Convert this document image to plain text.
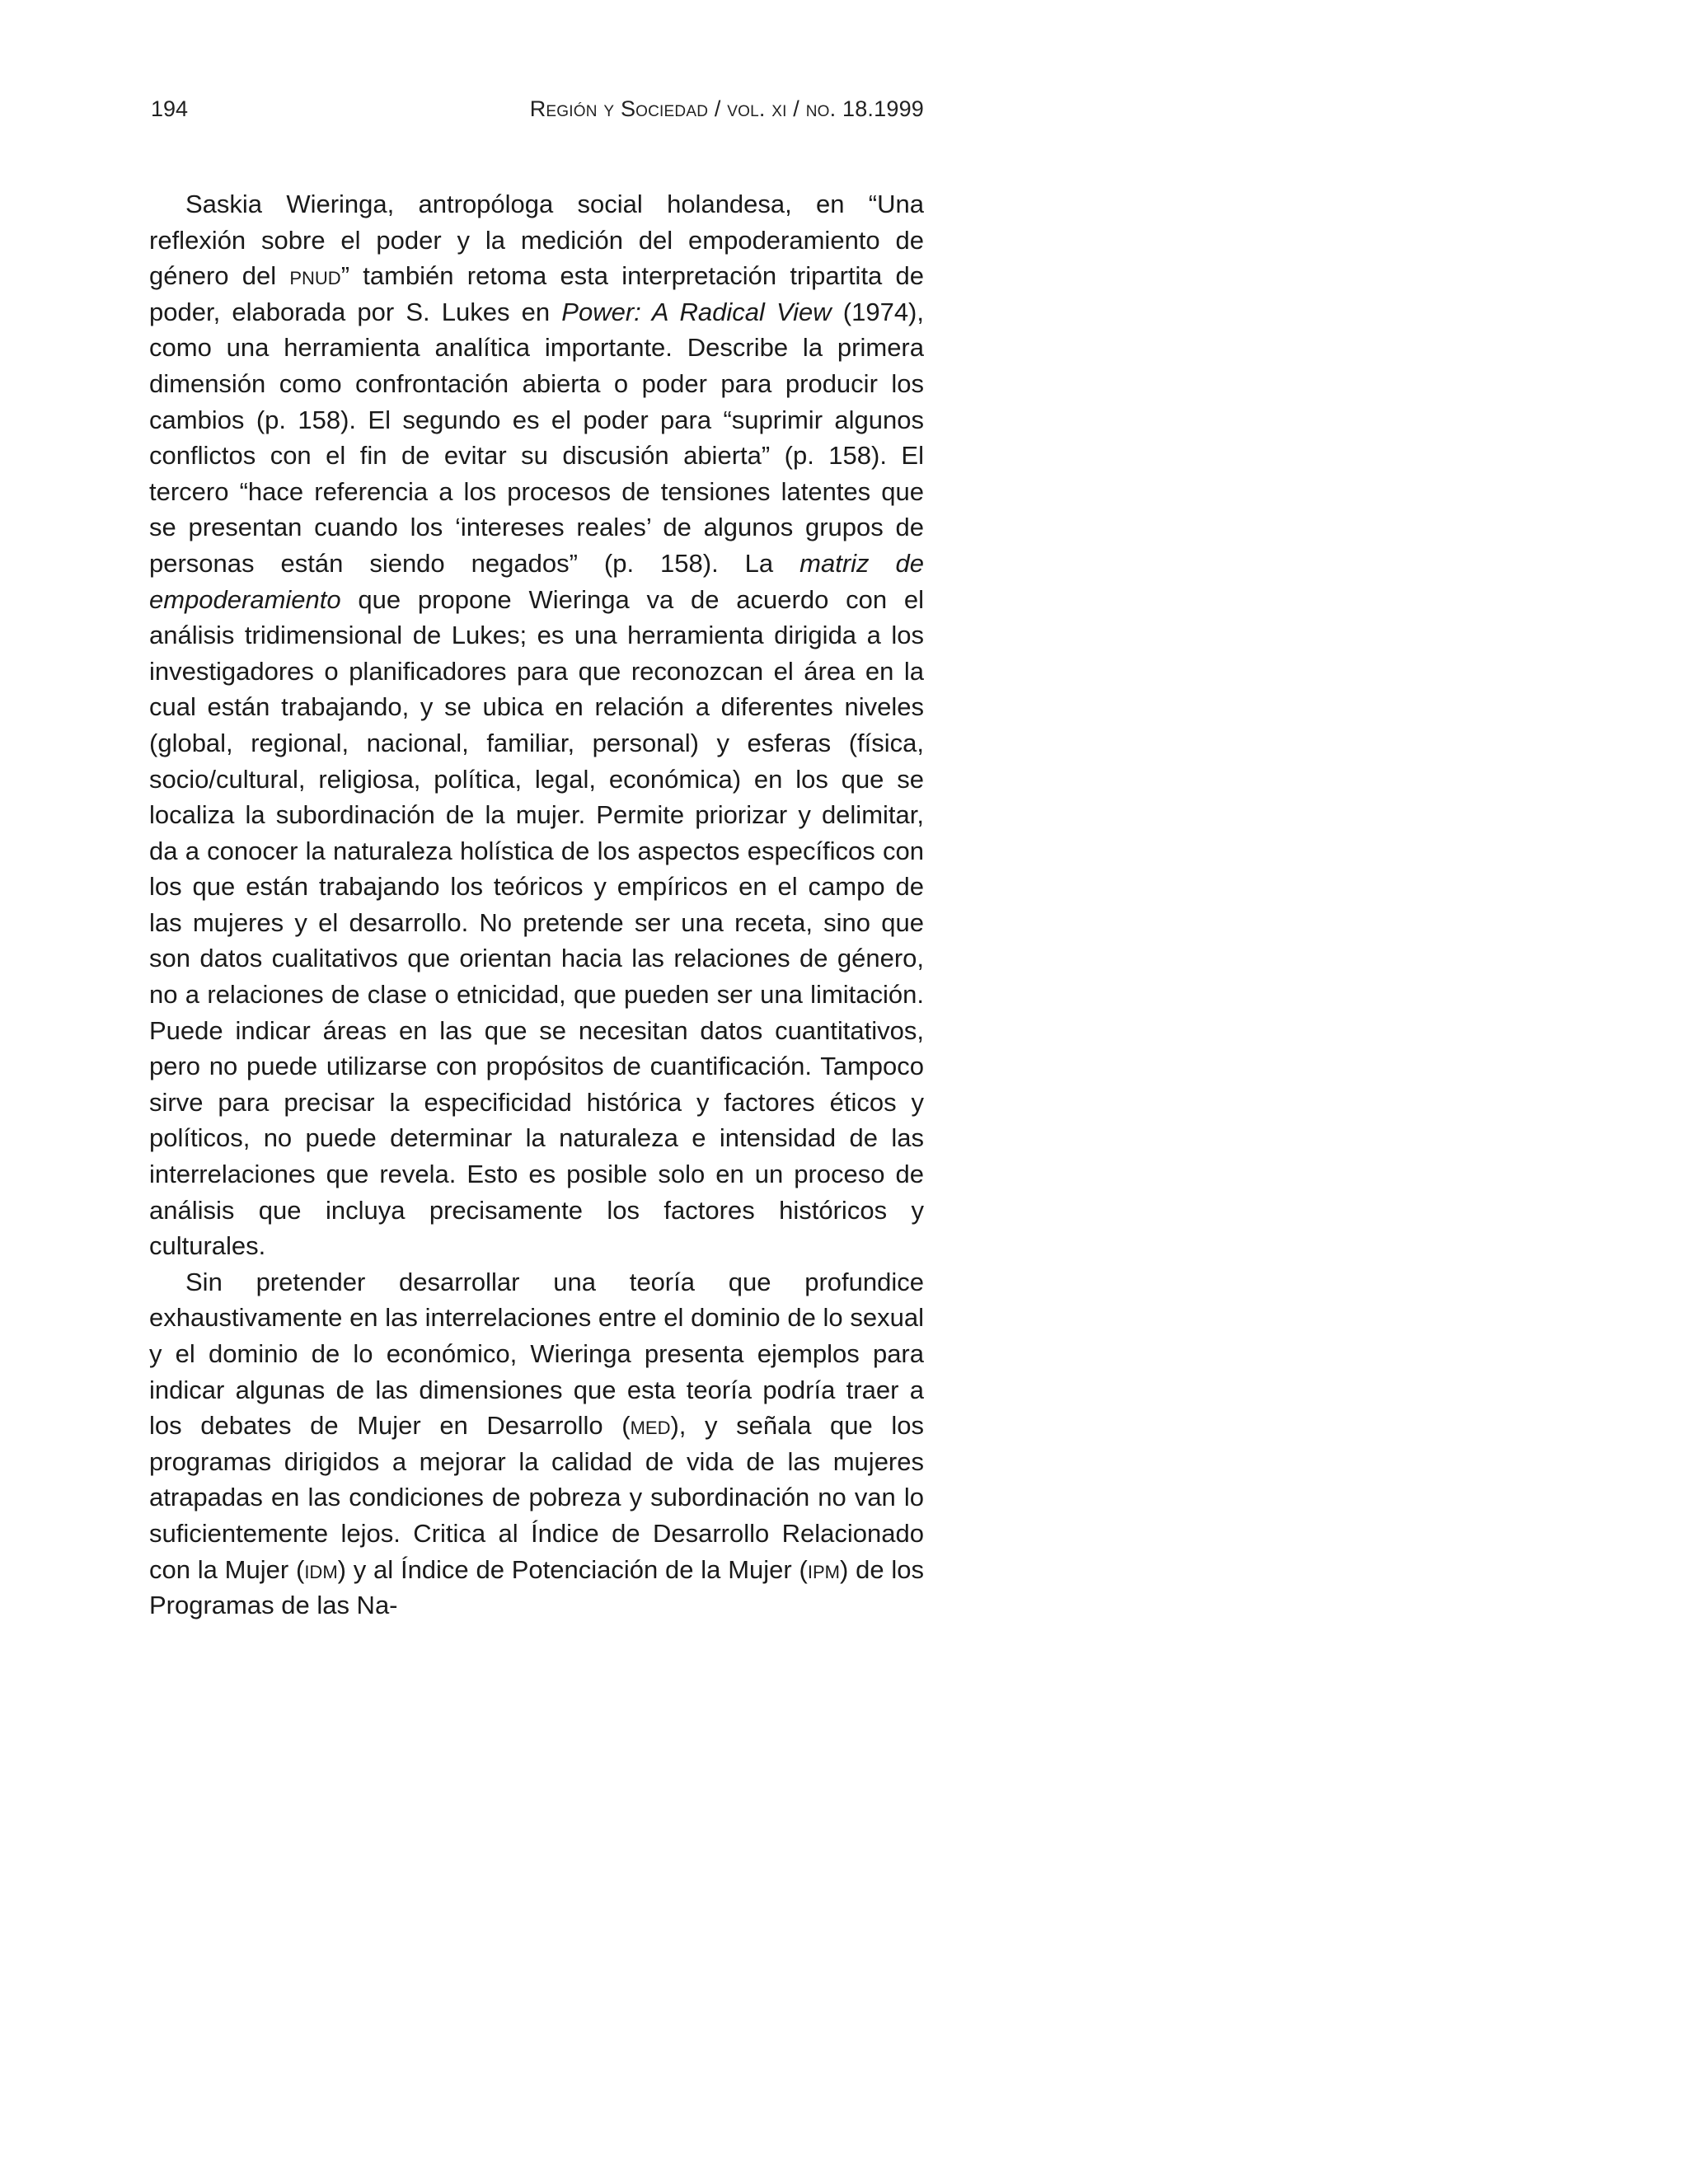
194	Región y Sociedad / vol. xi / no. 18.1999

Saskia Wieringa, antropóloga social holandesa, en “Una reflexión sobre el poder y la medición del empoderamiento de género del pnud” también retoma esta interpretación tripartita de poder, elaborada por S. Lukes en Power: A Radical View (1974), como una herramienta analítica importante. Describe la primera dimensión como confrontación abierta o poder para producir los cambios (p. 158). El segundo es el poder para “suprimir algunos conflictos con el fin de evitar su discusión abierta” (p. 158). El tercero “hace referencia a los procesos de tensiones latentes que se presentan cuando los ‘intereses reales’ de algunos grupos de personas están siendo negados” (p. 158). La matriz de empoderamiento que propone Wieringa va de acuerdo con el análisis tridimensional de Lukes; es una herramienta dirigida a los investigadores o planificadores para que reconozcan el área en la cual están trabajando, y se ubica en relación a diferentes niveles (global, regional, nacional, familiar, personal) y esferas (física, socio/cultural, religiosa, política, legal, económica) en los que se localiza la subordinación de la mujer. Permite priorizar y delimitar, da a conocer la naturaleza holística de los aspectos específicos con los que están trabajando los teóricos y empíricos en el campo de las mujeres y el desarrollo. No pretende ser una receta, sino que son datos cualitativos que orientan hacia las relaciones de género, no a relaciones de clase o etnicidad, que pueden ser una limitación. Puede indicar áreas en las que se necesitan datos cuantitativos, pero no puede utilizarse con propósitos de cuantificación. Tampoco sirve para precisar la especificidad histórica y factores éticos y políticos, no puede determinar la naturaleza e intensidad de las interrelaciones que revela. Esto es posible solo en un proceso de análisis que incluya precisamente los factores históricos y culturales.

Sin pretender desarrollar una teoría que profundice exhaustivamente en las interrelaciones entre el dominio de lo sexual y el dominio de lo económico, Wieringa presenta ejemplos para indicar algunas de las dimensiones que esta teoría podría traer a los debates de Mujer en Desarrollo (med), y señala que los programas dirigidos a mejorar la calidad de vida de las mujeres atrapadas en las condiciones de pobreza y subordinación no van lo suficientemente lejos. Critica al Índice de Desarrollo Relacionado con la Mujer (idm) y al Índice de Potenciación de la Mujer (ipm) de los Programas de las Na-
